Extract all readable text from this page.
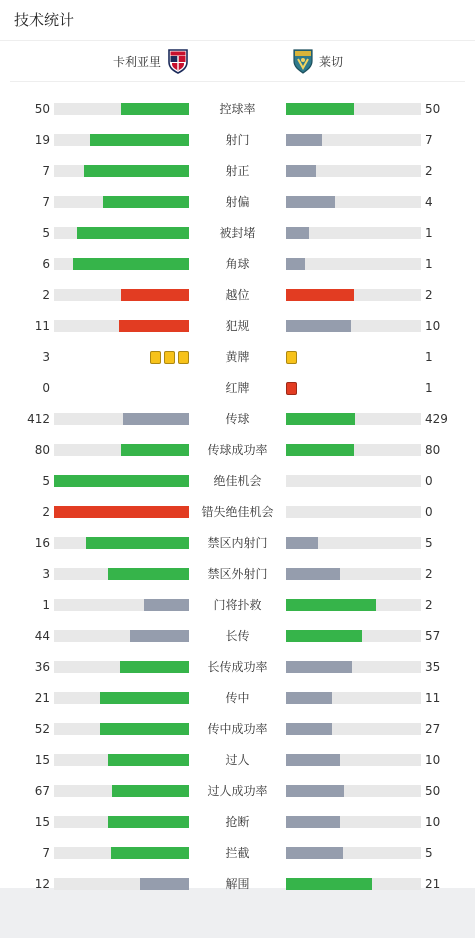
技术统计
卡利亚里	莱切
50	控球率	50
19	射门	7
7	射正	2
7	射偏	4
5	被封堵	1
6	角球	1
2	越位	2
11	犯规	10
3	黄牌	1
0	红牌	1
412	传球	429
80	传球成功率	80
5	绝佳机会	0
2	错失绝佳机会	0
16	禁区内射门	5
3	禁区外射门	2
1	门将扑救	2
44	长传	57
36	长传成功率	35
21	传中	11
52	传中成功率	27
15	过人	10
67	过人成功率	50
15	抢断	10
7	拦截	5
12	解围	21
